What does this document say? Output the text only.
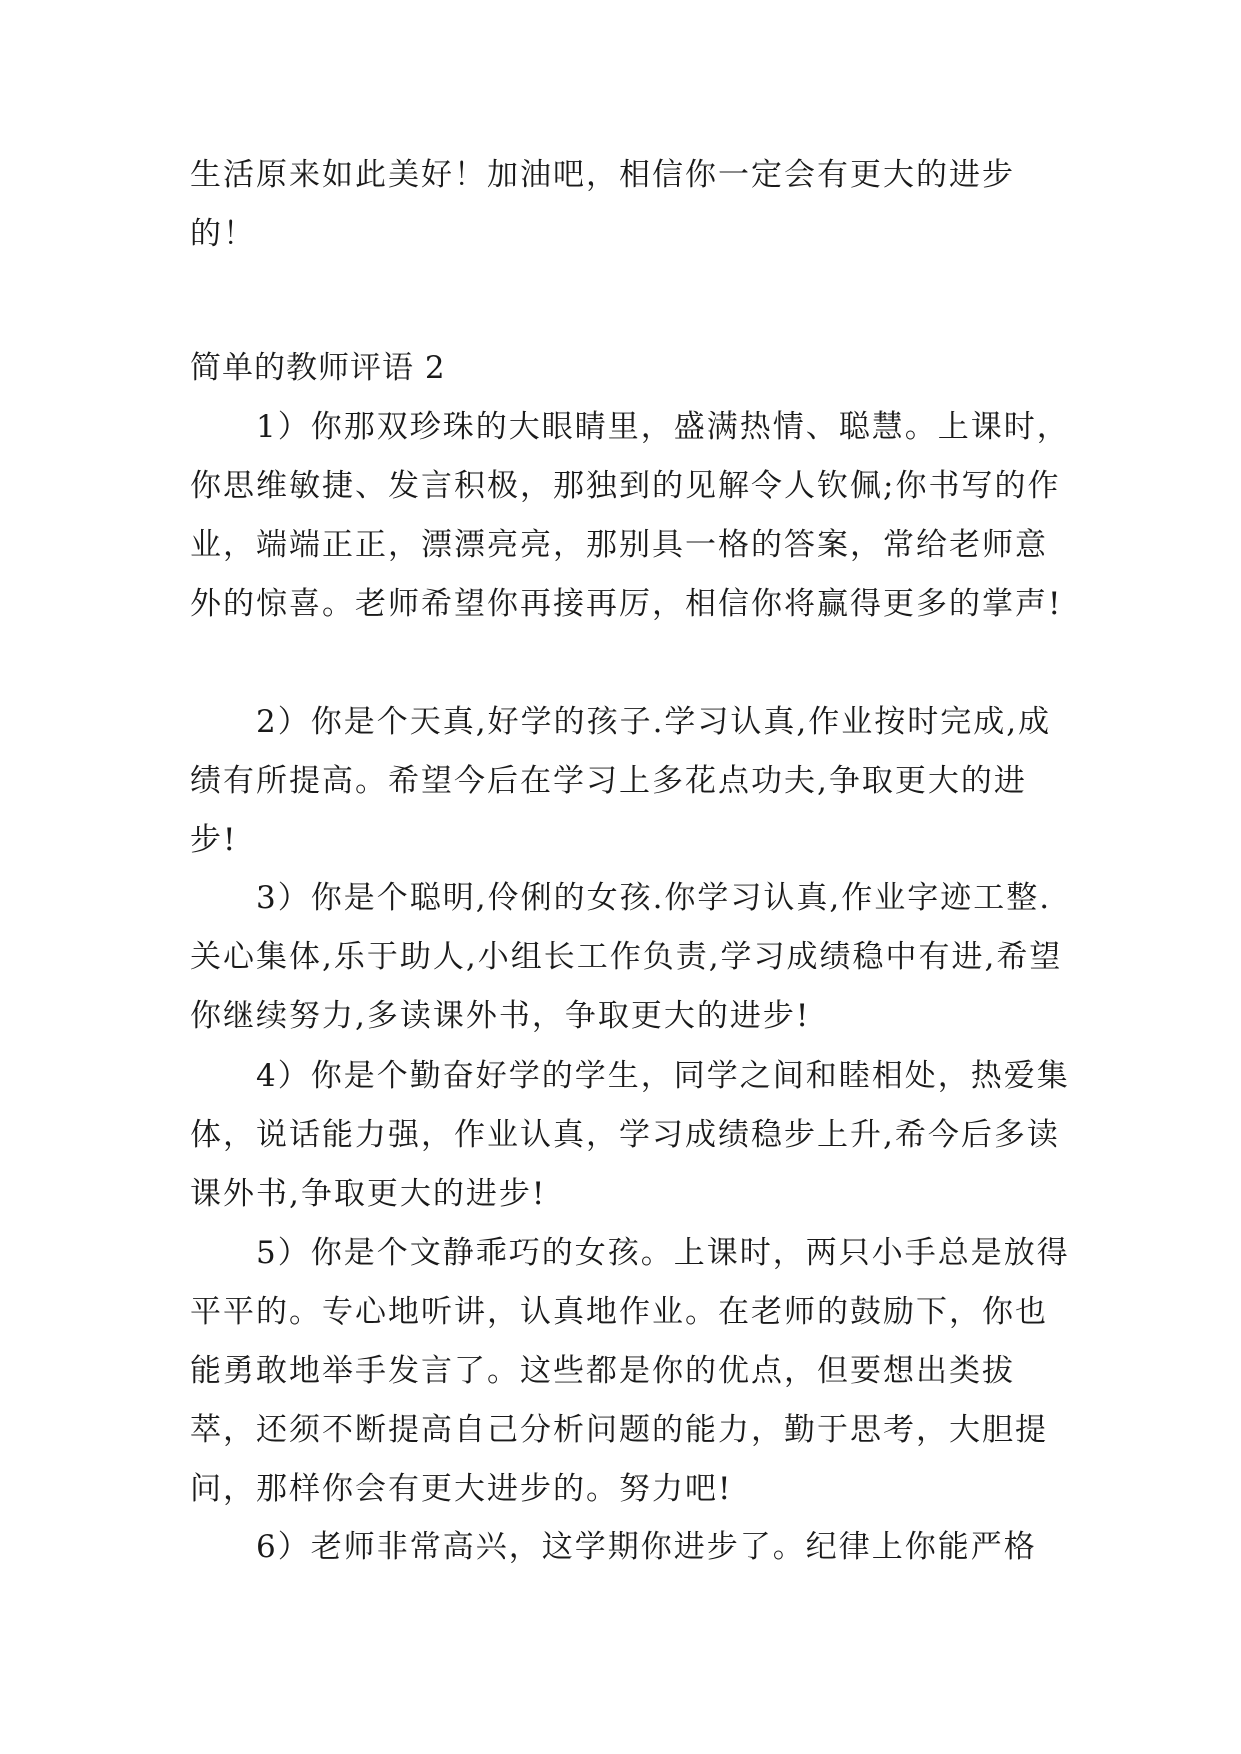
生活原来如此美好！加油吧，相信你一定会有更大的进步的！

简单的教师评语 2

1）你那双珍珠的大眼睛里，盛满热情、聪慧。上课时，你思维敏捷、发言积极，那独到的见解令人钦佩;你书写的作业，端端正正，漂漂亮亮，那别具一格的答案，常给老师意外的惊喜。老师希望你再接再厉，相信你将赢得更多的掌声!

2）你是个天真,好学的孩子.学习认真,作业按时完成,成绩有所提高。希望今后在学习上多花点功夫,争取更大的进步!

3）你是个聪明,伶俐的女孩.你学习认真,作业字迹工整.关心集体,乐于助人,小组长工作负责,学习成绩稳中有进,希望你继续努力,多读课外书，争取更大的进步!

4）你是个勤奋好学的学生，同学之间和睦相处，热爱集体，说话能力强，作业认真，学习成绩稳步上升,希今后多读课外书,争取更大的进步!

5）你是个文静乖巧的女孩。上课时，两只小手总是放得平平的。专心地听讲，认真地作业。在老师的鼓励下，你也能勇敢地举手发言了。这些都是你的优点，但要想出类拔萃，还须不断提高自己分析问题的能力，勤于思考，大胆提问，那样你会有更大进步的。努力吧!

6）老师非常高兴，这学期你进步了。纪律上你能严格
